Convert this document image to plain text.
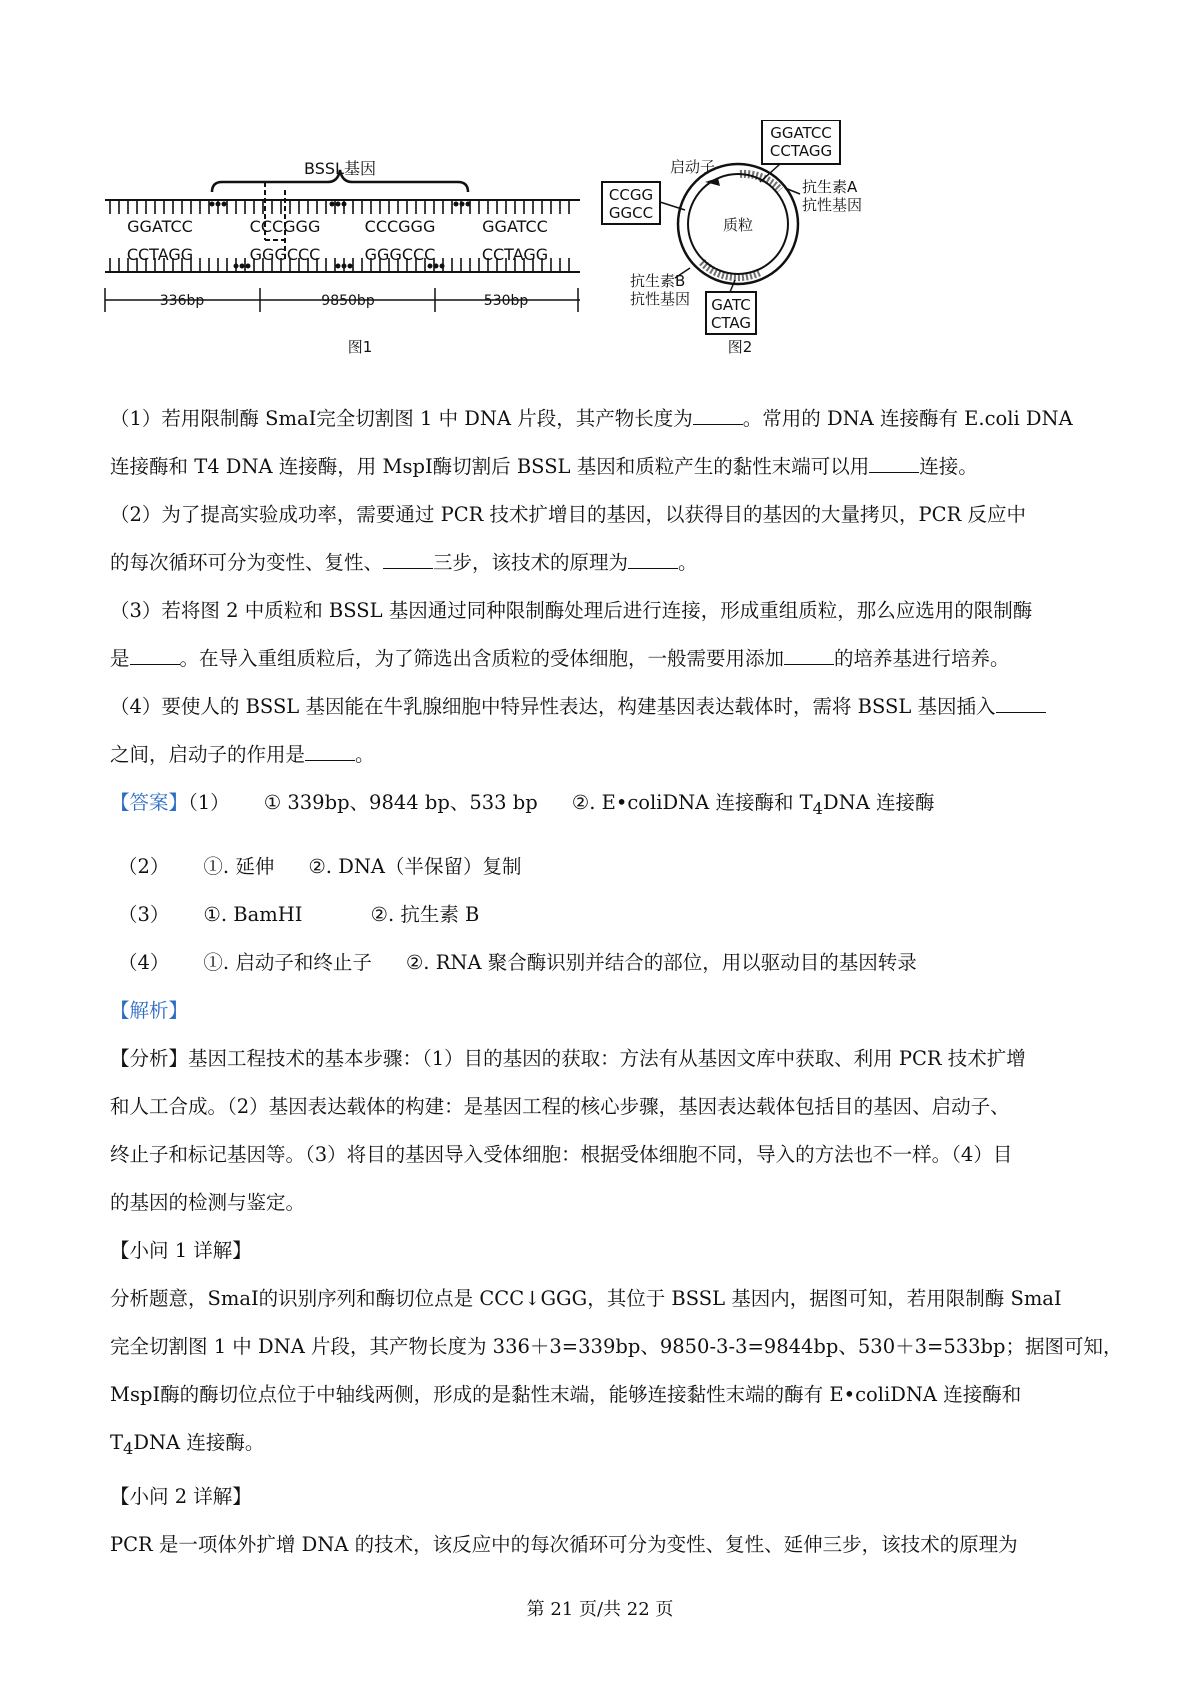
BSSL基因
GGATCC	CCCGGG	CCCGGG	GGATCC
CCTAGG	GGGCCC	GGGCCC	CCTAGG
336bp	9850bp	530bp
图1
GGATCC
CCTAGG
CCGG
GGCC
GATC
CTAG
启动子
抗生素A
抗性基因
抗生素B
抗性基因
质粒
图2

（1）若用限制酶 SmaⅠ完全切割图 1 中 DNA 片段，其产物长度为	。常用的 DNA 连接酶有 E.coli DNA

连接酶和 T4 DNA 连接酶，用 MspⅠ酶切割后 BSSL 基因和质粒产生的黏性末端可以用	连接。

（2）为了提高实验成功率，需要通过 PCR 技术扩增目的基因，以获得目的基因的大量拷贝，PCR 反应中

的每次循环可分为变性、复性、	三步，该技术的原理为	。

（3）若将图 2 中质粒和 BSSL 基因通过同种限制酶处理后进行连接，形成重组质粒，那么应选用的限制酶

是	。在导入重组质粒后，为了筛选出含质粒的受体细胞，一般需要用添加	的培养基进行培养。

（4）要使人的 BSSL 基因能在牛乳腺细胞中特异性表达，构建基因表达载体时，需将 BSSL 基因插入

之间，启动子的作用是	。

【答案】（1） ① 339bp、9844 bp、533 bp ②. E•coliDNA 连接酶和 $T_4DNA$ 连接酶

（2） ①. 延伸 ②. DNA（半保留）复制

（3） ①. BamHⅠ	②. 抗生素 B

（4） ①. 启动子和终止子 ②. RNA 聚合酶识别并结合的部位，用以驱动目的基因转录

【解析】

【分析】基因工程技术的基本步骤：（1）目的基因的获取：方法有从基因文库中获取、利用 PCR 技术扩增

和人工合成。（2）基因表达载体的构建：是基因工程的核心步骤，基因表达载体包括目的基因、启动子、

终止子和标记基因等。（3）将目的基因导入受体细胞：根据受体细胞不同，导入的方法也不一样。（4）目

的基因的检测与鉴定。

【小问 1 详解】

分析题意，SmaⅠ的识别序列和酶切位点是 CCC↓GGG，其位于 BSSL 基因内，据图可知，若用限制酶 SmaⅠ

完全切割图 1 中 DNA 片段，其产物长度为 336＋3=339bp、9850-3-3=9844bp、530＋3=533bp；据图可知，

MspⅠ酶的酶切位点位于中轴线两侧，形成的是黏性末端，能够连接黏性末端的酶有 E•coliDNA 连接酶和

$T_4DNA$ 连接酶。

【小问 2 详解】

PCR 是一项体外扩增 DNA 的技术，该反应中的每次循环可分为变性、复性、延伸三步，该技术的原理为

第 21 页/共 22 页
